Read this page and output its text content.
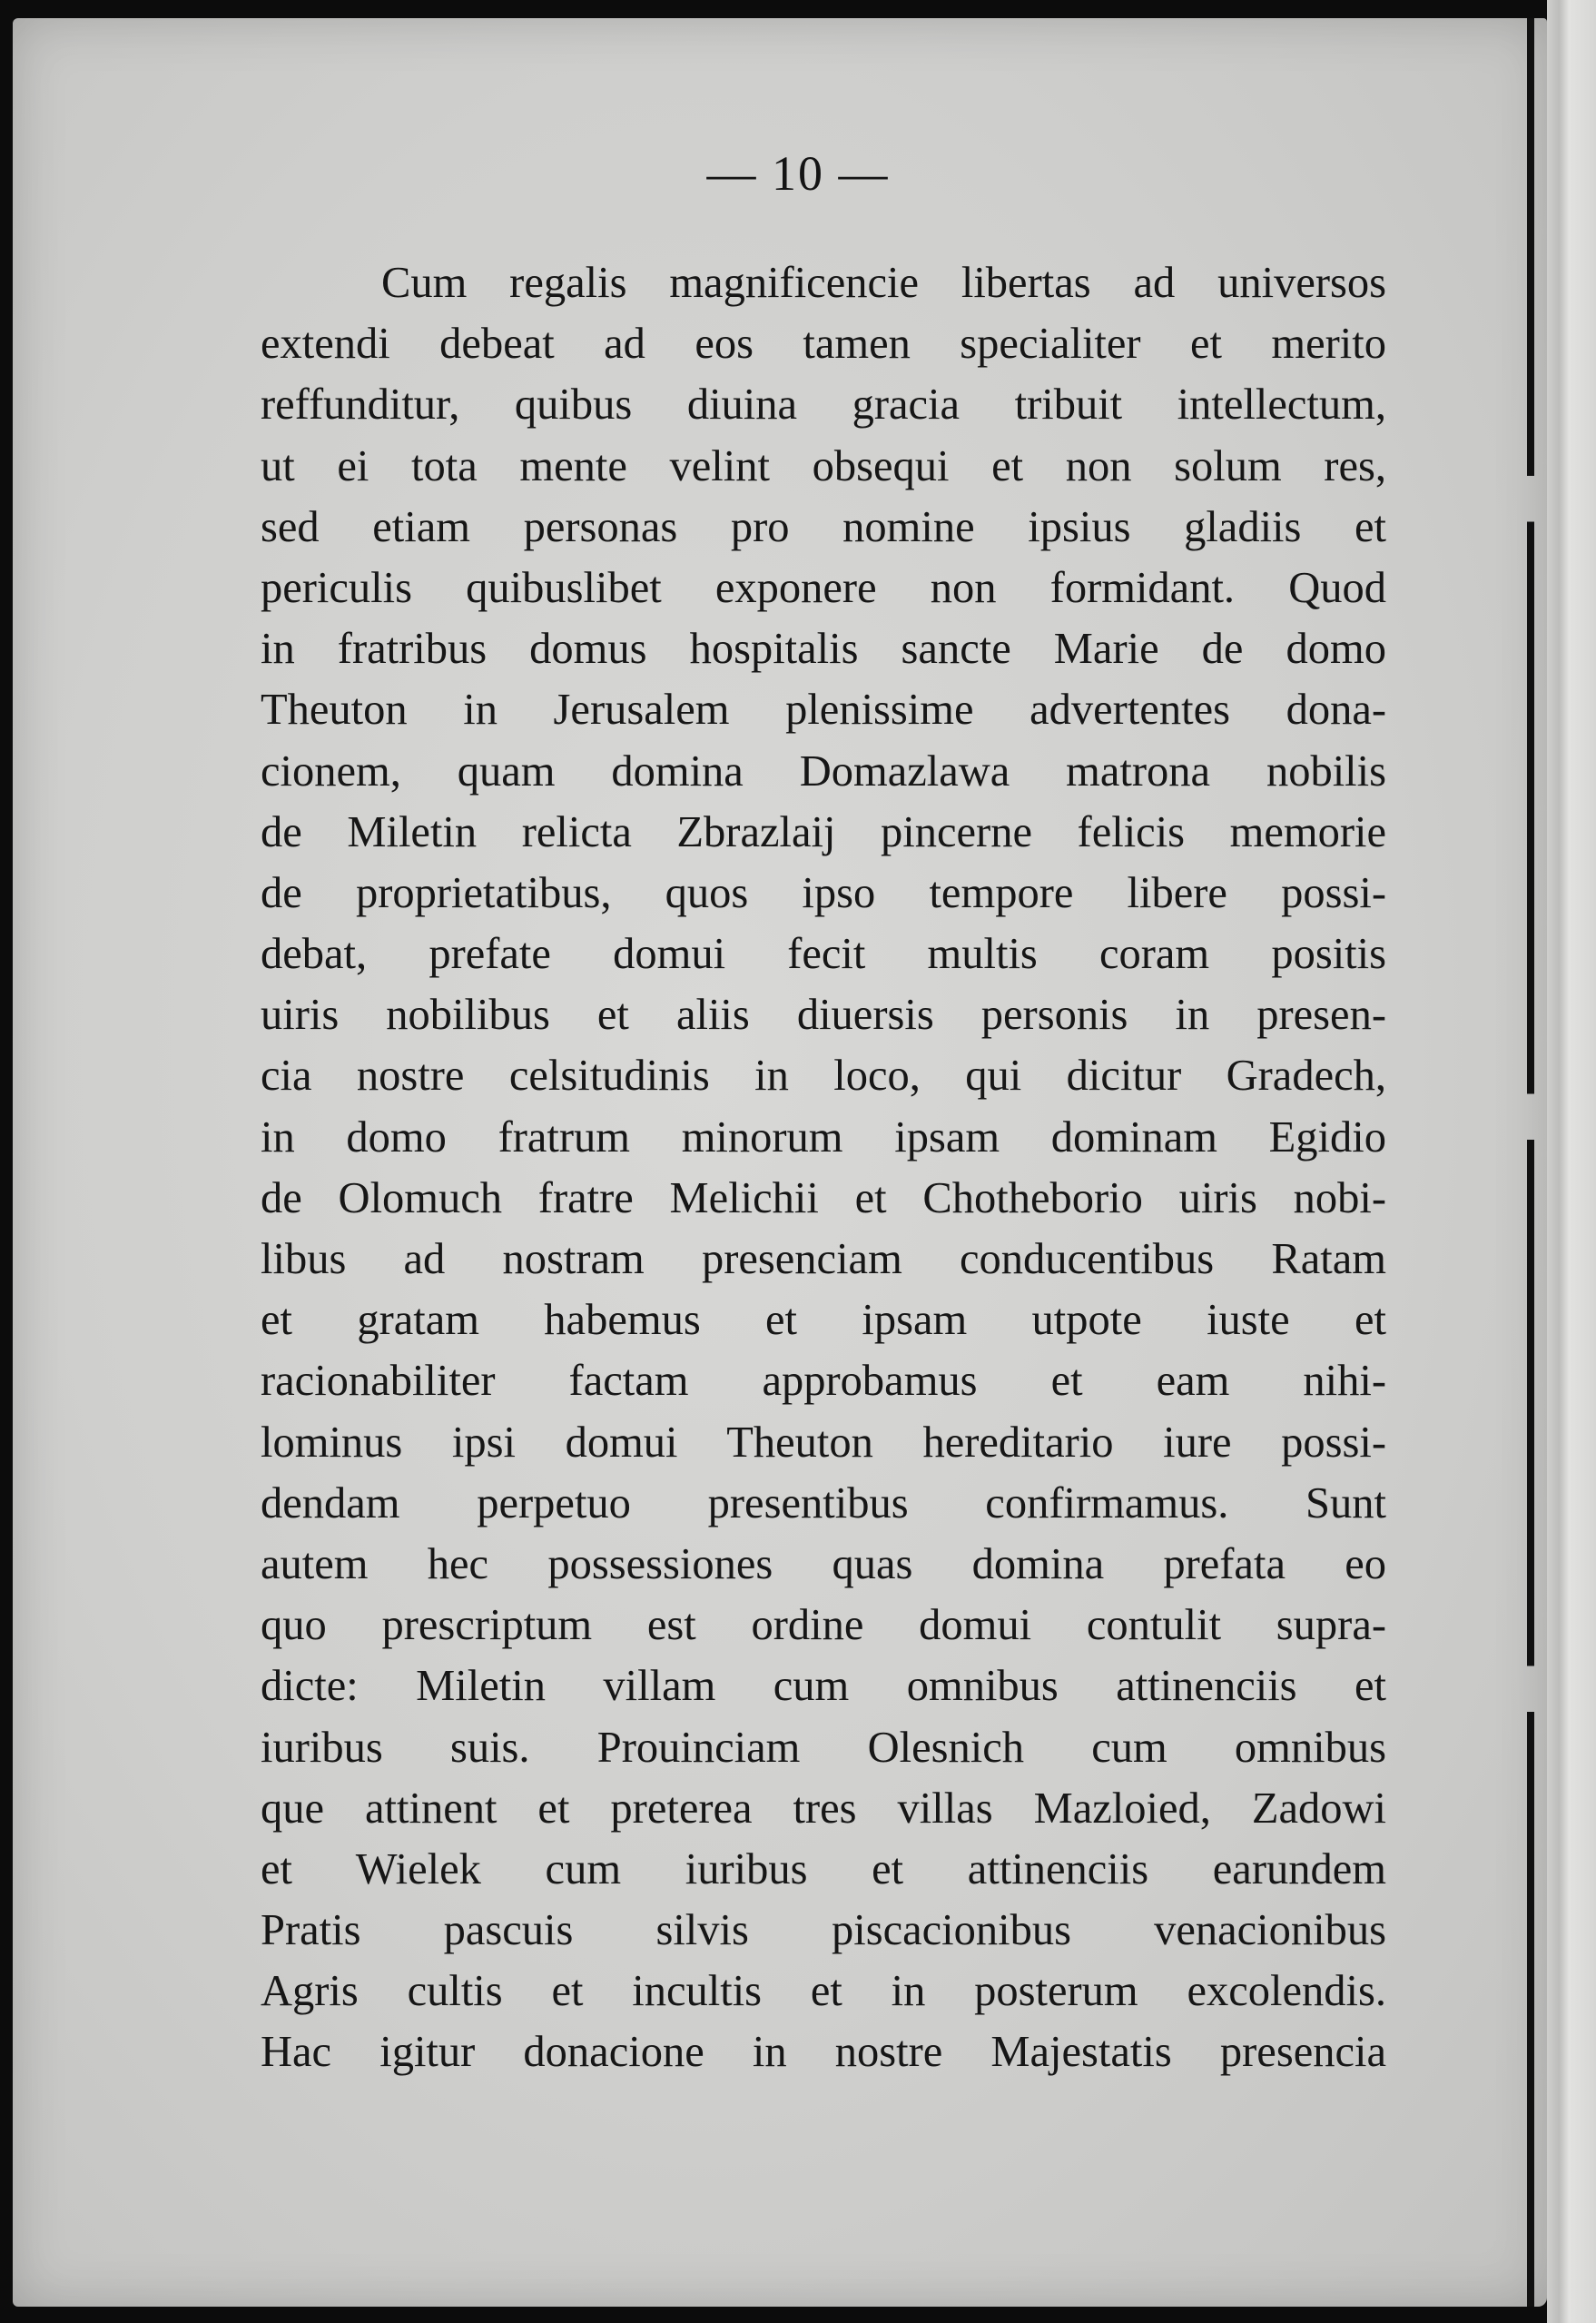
— 10 —
Cum regalis magnificencie libertas ad universos
extendi debeat ad eos tamen specialiter et merito
reffunditur, quibus diuina gracia tribuit intellectum,
ut ei tota mente velint obsequi et non solum res,
sed etiam personas pro nomine ipsius gladiis et
periculis quibuslibet exponere non formidant. Quod
in fratribus domus hospitalis sancte Marie de domo
Theuton in Jerusalem plenissime advertentes dona-
cionem, quam domina Domazlawa matrona nobilis
de Miletin relicta Zbrazlaij pincerne felicis memorie
de proprietatibus, quos ipso tempore libere possi-
debat, prefate domui fecit multis coram positis
uiris nobilibus et aliis diuersis personis in presen-
cia nostre celsitudinis in loco, qui dicitur Gradech,
in domo fratrum minorum ipsam dominam Egidio
de Olomuch fratre Melichii et Chotheborio uiris nobi-
libus ad nostram presenciam conducentibus Ratam
et gratam habemus et ipsam utpote iuste et
racionabiliter factam approbamus et eam nihi-
lominus ipsi domui Theuton hereditario iure possi-
dendam perpetuo presentibus confirmamus. Sunt
autem hec possessiones quas domina prefata eo
quo prescriptum est ordine domui contulit supra-
dicte: Miletin villam cum omnibus attinenciis et
iuribus suis. Prouinciam Olesnich cum omnibus
que attinent et preterea tres villas Mazloied, Zadowi
et Wielek cum iuribus et attinenciis earundem
Pratis pascuis silvis piscacionibus venacionibus
Agris cultis et incultis et in posterum excolendis.
Hac igitur donacione in nostre Majestatis presencia
